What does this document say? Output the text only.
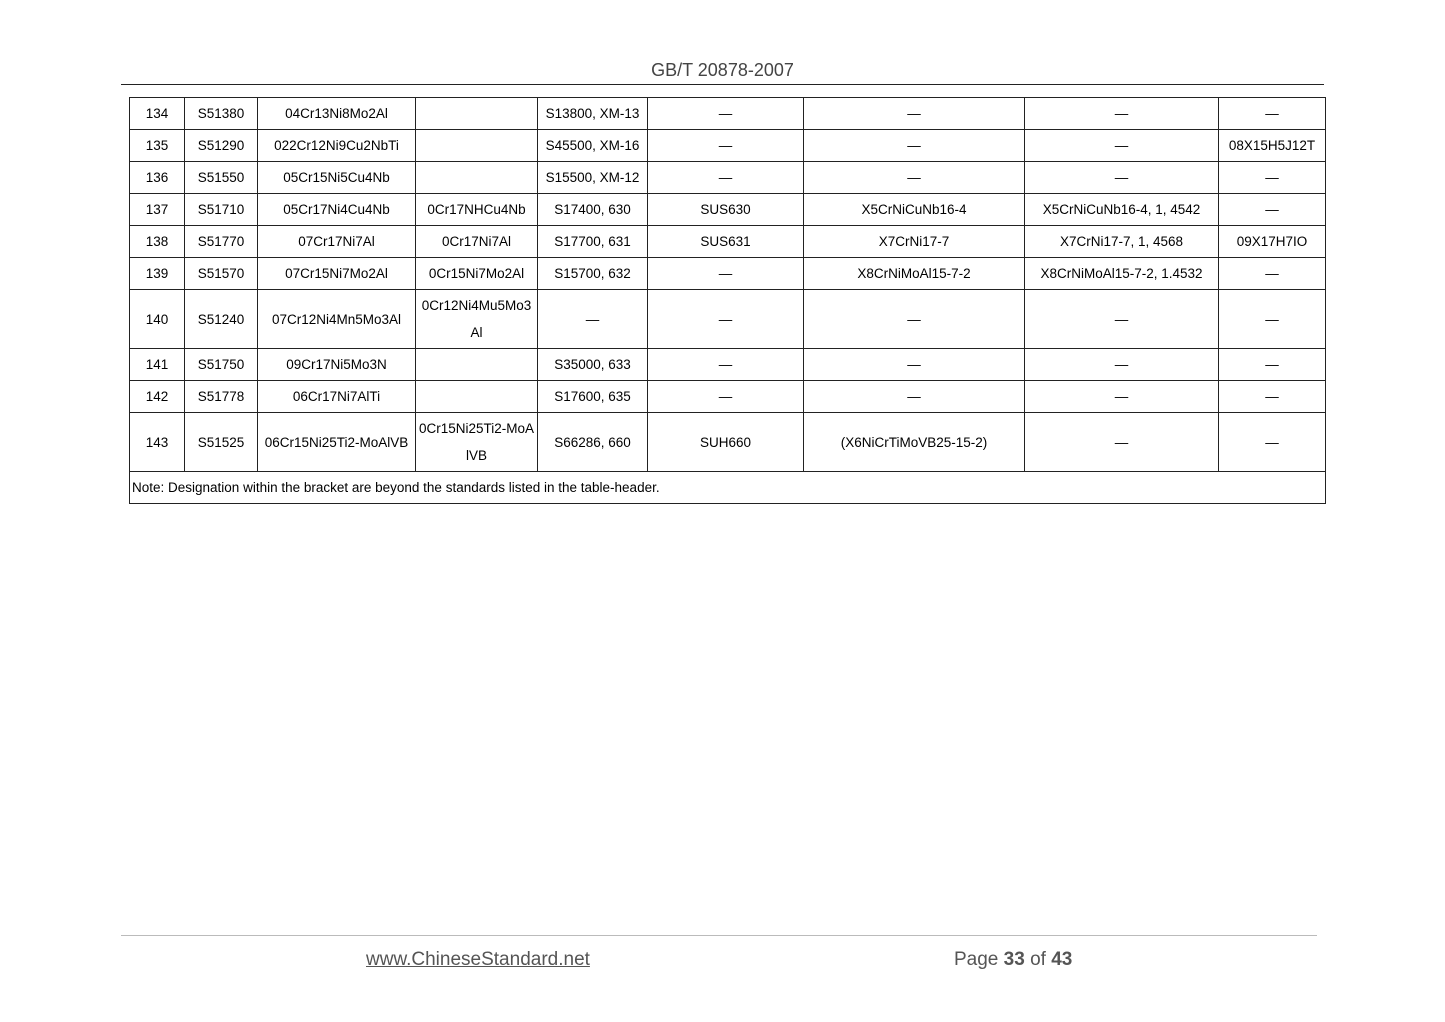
GB/T 20878-2007
134	S51380	04Cr13Ni8Mo2Al		S13800, XM-13	—	—	—	—
135	S51290	022Cr12Ni9Cu2NbTi		S45500, XM-16	—	—	—	08X15H5J12T
136	S51550	05Cr15Ni5Cu4Nb		S15500, XM-12	—	—	—	—
137	S51710	05Cr17Ni4Cu4Nb	0Cr17NHCu4Nb	S17400, 630	SUS630	X5CrNiCuNb16-4	X5CrNiCuNb16-4, 1, 4542	—
138	S51770	07Cr17Ni7Al	0Cr17Ni7Al	S17700, 631	SUS631	X7CrNi17-7	X7CrNi17-7, 1, 4568	09X17H7IO
139	S51570	07Cr15Ni7Mo2Al	0Cr15Ni7Mo2Al	S15700, 632	—	X8CrNiMoAl15-7-2	X8CrNiMoAl15-7-2, 1.4532	—
140	S51240	07Cr12Ni4Mn5Mo3Al	0Cr12Ni4Mu5Mo3Al	—	—	—	—	—
141	S51750	09Cr17Ni5Mo3N		S35000, 633	—	—	—	—
142	S51778	06Cr17Ni7AlTi		S17600, 635	—	—	—	—
143	S51525	06Cr15Ni25Ti2-MoAlVB	0Cr15Ni25Ti2-MoAlVB	S66286, 660	SUH660	(X6NiCrTiMoVB25-15-2)	—	—
Note: Designation within the bracket are beyond the standards listed in the table-header.								
www.ChineseStandard.net	Page 33 of 43
